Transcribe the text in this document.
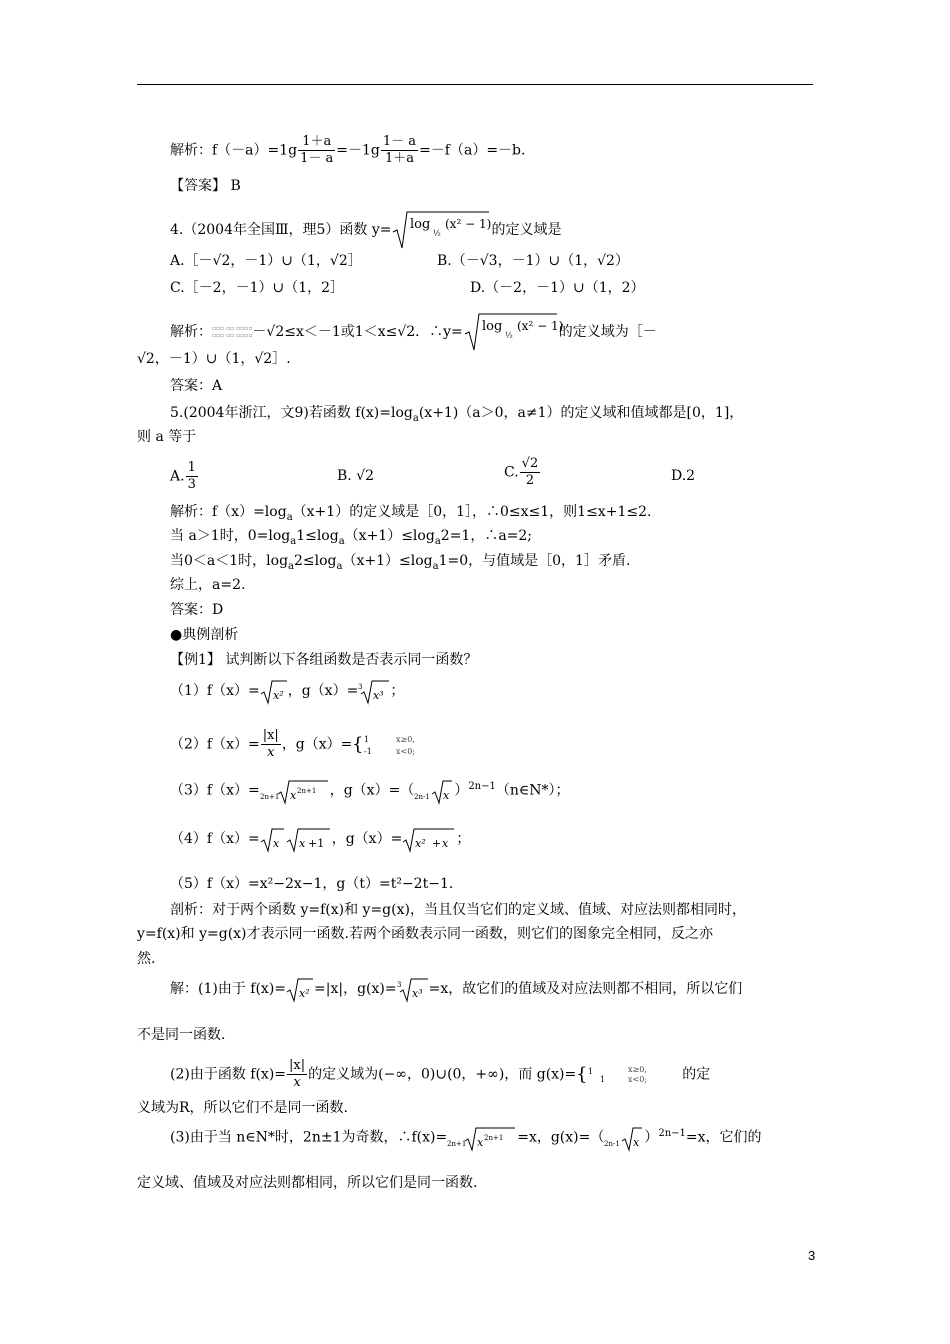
解析：$f(-a)=1g \frac{1+a}{1- a} =-1g \frac{1- a}{1+a} =-f(a)=-b$.
【答案】 B
4.（2004年全国Ⅲ，理5）函数 y= log
½
(x² − 1) 的定义域是
A.［－√2，－1）∪（1，√2］	B.（－√3，－1）∪（1，√2）
C.［－2，－1）∪（1，2］	D.（－2，－1）∪（1，2）
解析：▫▫▫ ▫▫ ▫▫▫▫
▫▫▫ ▫▫ ▫▫▫▫－√2≤x＜－1或1＜x≤√2．∴y= log
½
(x² − 1)
的定义域为［－
√2，－1）∪（1，√2］.
答案：A
5.(2004年浙江，文9)若函数 $f(x)=\log_a(x+1)(a>0$，a≠1）的定义域和值域都是[0，1]，
则 a 等于
A. $\frac{1}{3}$	B. √2	C. $\frac{√2}{2}$	D.2
解析：$f(x)=\log_a(x+1)$的定义域是［0，1］，∴0≤x≤1，则1≤x+1≤2.
当 a＞1时，$0=\log_a1\le\log_a(x+1)\le\log_a2=1$，∴a=2;
当0＜a＜1时，$\log_a2\le\log_a(x+1)\le\log_a1=0$，与值域是［0，1］矛盾.
综上，a=2.
答案：D
●典例剖析
【例1】 试判断以下各组函数是否表示同一函数？
（1）f（x）= x² ，g（x）= 3
x³ ；
$(2)f(x)= \frac{|x|}{x}$ ，g（x）= { 1
-1
x≥0,
x<0;
（3）f（x）= 2n+1 x 2n+1 ，g（x）=（ 2n-1 x ）$^{2n-1}$（n∈N*）；
（4）f（x）= x x +1 ，g（x）= x² + x ；
（5）f（x）=x²−2x−1，g（t）=t²−2t−1.
剖析：对于两个函数 y=f(x)和 y=g(x)，当且仅当它们的定义域、值域、对应法则都相同时，
y=f(x)和 y=g(x)才表示同一函数.若两个函数表示同一函数，则它们的图象完全相同，反之亦
然.
解：(1)由于 f(x)= x² =|x|，g(x)= 3
x³ =x，故它们的值域及对应法则都不相同，所以它们
不是同一函数.
(2)由于函数 $f(x)= \frac{|x|}{x}$ 的定义域为(−∞，0)∪(0，+∞)，而 g(x)= { 1
1
x≥0,
x<0;	的定
义域为R，所以它们不是同一函数.
(3)由于当 n∈N*时，2n±1为奇数，∴f(x)= 2n+1 x 2n+1 =x，g(x)=（ 2n-1 x ）$^{2n-1}$=x，它们的
定义域、值域及对应法则都相同，所以它们是同一函数.
3
